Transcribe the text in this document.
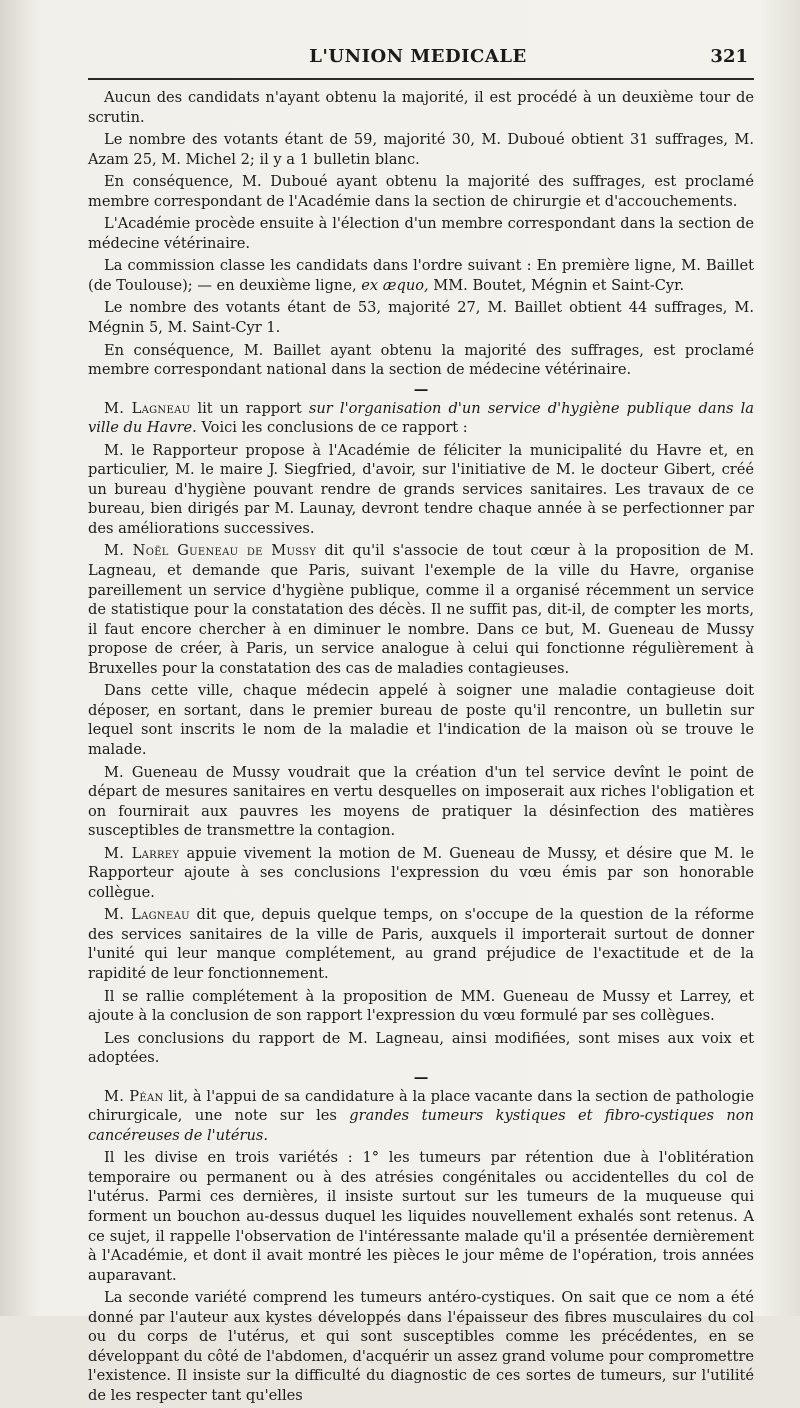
L'UNION MEDICALE	321

Aucun des candidats n'ayant obtenu la majorité, il est procédé à un deuxième tour de scrutin.

Le nombre des votants étant de 59, majorité 30, M. Duboué obtient 31 suffrages, M. Azam 25, M. Michel 2; il y a 1 bulletin blanc.

En conséquence, M. Duboué ayant obtenu la majorité des suffrages, est proclamé membre correspondant de l'Académie dans la section de chirurgie et d'accouchements.

L'Académie procède ensuite à l'élection d'un membre correspondant dans la section de médecine vétérinaire.

La commission classe les candidats dans l'ordre suivant : En première ligne, M. Baillet (de Toulouse); — en deuxième ligne, ex æquo, MM. Boutet, Mégnin et Saint-Cyr.

Le nombre des votants étant de 53, majorité 27, M. Baillet obtient 44 suffrages, M. Mégnin 5, M. Saint-Cyr 1.

En conséquence, M. Baillet ayant obtenu la majorité des suffrages, est proclamé membre correspondant national dans la section de médecine vétérinaire.

—

M. Lagneau lit un rapport sur l'organisation d'un service d'hygiène publique dans la ville du Havre. Voici les conclusions de ce rapport :

M. le Rapporteur propose à l'Académie de féliciter la municipalité du Havre et, en particulier, M. le maire J. Siegfried, d'avoir, sur l'initiative de M. le docteur Gibert, créé un bureau d'hygiène pouvant rendre de grands services sanitaires. Les travaux de ce bureau, bien dirigés par M. Launay, devront tendre chaque année à se perfectionner par des améliorations successives.

M. Noël Gueneau de Mussy dit qu'il s'associe de tout cœur à la proposition de M. Lagneau, et demande que Paris, suivant l'exemple de la ville du Havre, organise pareillement un service d'hygiène publique, comme il a organisé récemment un service de statistique pour la constatation des décès. Il ne suffit pas, dit-il, de compter les morts, il faut encore chercher à en diminuer le nombre. Dans ce but, M. Gueneau de Mussy propose de créer, à Paris, un service analogue à celui qui fonctionne régulièrement à Bruxelles pour la constatation des cas de maladies contagieuses.

Dans cette ville, chaque médecin appelé à soigner une maladie contagieuse doit déposer, en sortant, dans le premier bureau de poste qu'il rencontre, un bulletin sur lequel sont inscrits le nom de la maladie et l'indication de la maison où se trouve le malade.

M. Gueneau de Mussy voudrait que la création d'un tel service devînt le point de départ de mesures sanitaires en vertu desquelles on imposerait aux riches l'obligation et on fournirait aux pauvres les moyens de pratiquer la désinfection des matières susceptibles de transmettre la contagion.

M. Larrey appuie vivement la motion de M. Gueneau de Mussy, et désire que M. le Rapporteur ajoute à ses conclusions l'expression du vœu émis par son honorable collègue.

M. Lagneau dit que, depuis quelque temps, on s'occupe de la question de la réforme des services sanitaires de la ville de Paris, auxquels il importerait surtout de donner l'unité qui leur manque complétement, au grand préjudice de l'exactitude et de la rapidité de leur fonctionnement.

Il se rallie complétement à la proposition de MM. Gueneau de Mussy et Larrey, et ajoute à la conclusion de son rapport l'expression du vœu formulé par ses collègues.

Les conclusions du rapport de M. Lagneau, ainsi modifiées, sont mises aux voix et adoptées.

—

M. Péan lit, à l'appui de sa candidature à la place vacante dans la section de pathologie chirurgicale, une note sur les grandes tumeurs kystiques et fibro-cystiques non cancéreuses de l'utérus.

Il les divise en trois variétés : 1° les tumeurs par rétention due à l'oblitération temporaire ou permanent ou à des atrésies congénitales ou accidentelles du col de l'utérus. Parmi ces dernières, il insiste surtout sur les tumeurs de la muqueuse qui forment un bouchon au-dessus duquel les liquides nouvellement exhalés sont retenus. A ce sujet, il rappelle l'observation de l'intéressante malade qu'il a présentée dernièrement à l'Académie, et dont il avait montré les pièces le jour même de l'opération, trois années auparavant.

La seconde variété comprend les tumeurs antéro-cystiques. On sait que ce nom a été donné par l'auteur aux kystes développés dans l'épaisseur des fibres musculaires du col ou du corps de l'utérus, et qui sont susceptibles comme les précédentes, en se développant du côté de l'abdomen, d'acquérir un assez grand volume pour compromettre l'existence. Il insiste sur la difficulté du diagnostic de ces sortes de tumeurs, sur l'utilité de les respecter tant qu'elles
